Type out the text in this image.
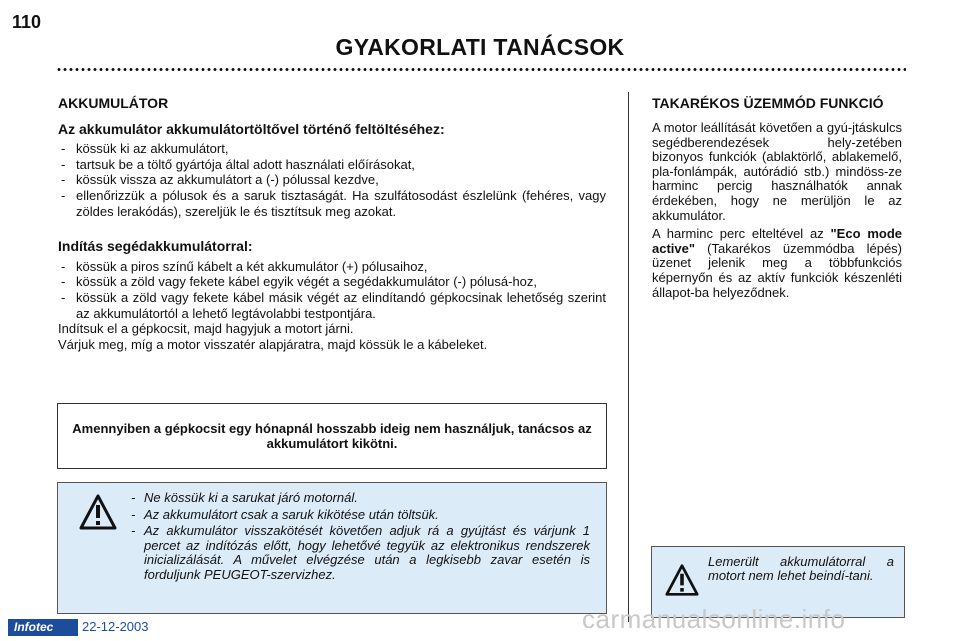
110
GYAKORLATI TANÁCSOK
AKKUMULÁTOR
Az akkumulátor akkumulátortöltővel történő feltöltéséhez:
- kössük ki az akkumulátort,
- tartsuk be a töltő gyártója által adott használati előírásokat,
- kössük vissza az akkumulátort a (-) pólussal kezdve,
- ellenőrizzük a pólusok és a saruk tisztaságát. Ha szulfátosodást észlelünk (fehéres, vagy zöldes lerakódás), szereljük le és tisztítsuk meg azokat.
Indítás segédakkumulátorral:
- kössük a piros színű kábelt a két akkumulátor (+) pólusaihoz,
- kössük a zöld vagy fekete kábel egyik végét a segédakkumulátor (-) pólusá-hoz,
- kössük a zöld vagy fekete kábel másik végét az elindítandó gépkocsinak lehetőség szerint az akkumulátortól a lehető legtávolabbi testpontjára.

Indítsuk el a gépkocsit, majd hagyjuk a motort járni.

Várjuk meg, míg a motor visszatér alapjáratra, majd kössük le a kábeleket.

Amennyiben a gépkocsit egy hónapnál hosszabb ideig nem használjuk, tanácsos az akkumulátort kikötni.
- Ne kössük ki a sarukat járó motornál.
- Az akkumulátort csak a saruk kikötése után töltsük.
- Az akkumulátor visszakötését követően adjuk rá a gyújtást és várjunk 1 percet az indítózás előtt, hogy lehetővé tegyük az elektronikus rendszerek inicializálását. A művelet elvégzése után a legkisebb zavar esetén is forduljunk PEUGEOT-szervizhez.
TAKARÉKOS ÜZEMMÓD FUNKCIÓ

A motor leállítását követően a gyú-jtáskulcs segédberendezések hely-zetében bizonyos funkciók (ablaktörlő, ablakemelő, pla-fonlámpák, autórádió stb.) mindöss-ze harminc percig használhatók annak érdekében, hogy ne merüljön le az akkumulátor.

A harminc perc elteltével az "Eco mode active" (Takarékos üzemmódba lépés) üzenet jelenik meg a többfunkciós képernyőn és az aktív funkciók készenléti állapot-ba helyeződnek.

Lemerült akkumulátorral a motort nem lehet beindí-tani.
Infotec	22-12-2003	carmanualsonline.info
